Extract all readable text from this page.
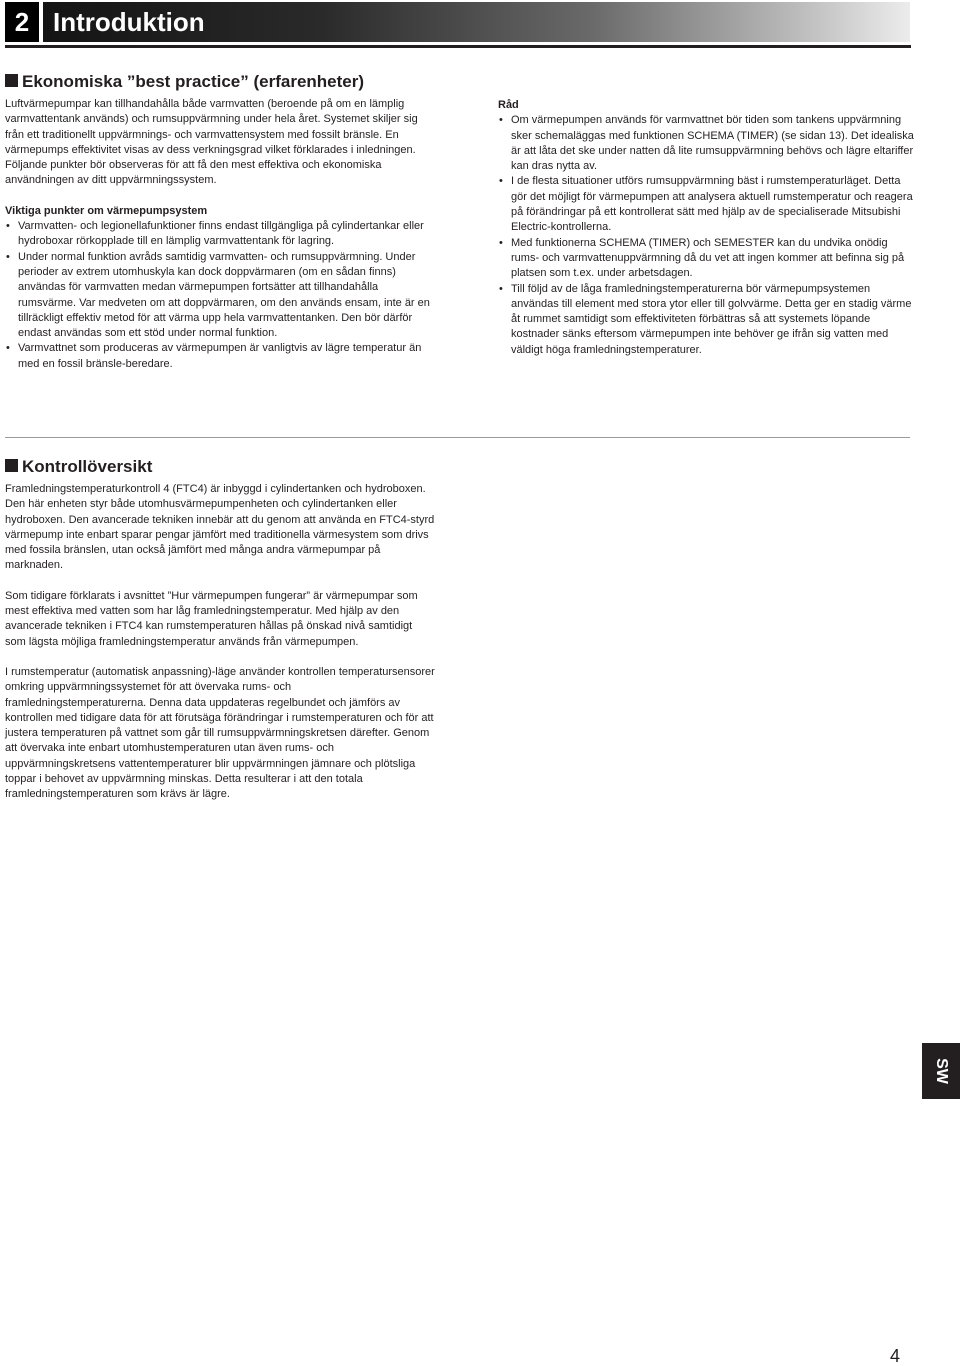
2 Introduktion
Ekonomiska ”best practice” (erfarenheter)

Luftvärmepumpar kan tillhandahålla både varmvatten (beroende på om en lämplig varmvattentank används) och rumsuppvärmning under hela året. Systemet skiljer sig från ett traditionellt uppvärmnings- och varmvattensystem med fossilt bränsle. En värmepumps effektivitet visas av dess verkningsgrad vilket förklarades i inledningen. Följande punkter bör observeras för att få den mest effektiva och ekonomiska användningen av ditt uppvärmningssystem.

Viktiga punkter om värmepumpsystem

• Varmvatten- och legionellafunktioner finns endast tillgängliga på cylindertankar eller hydroboxar rörkopplade till en lämplig varmvattentank för lagring.
• Under normal funktion avråds samtidig varmvatten- och rumsuppvärmning. Under perioder av extrem utomhuskyla kan dock doppvärmaren (om en sådan finns) användas för varmvatten medan värmepumpen fortsätter att tillhandahålla rumsvärme. Var medveten om att doppvärmaren, om den används ensam, inte är en tillräckligt effektiv metod för att värma upp hela varmvattentanken. Den bör därför endast användas som ett stöd under normal funktion.
• Varmvattnet som produceras av värmepumpen är vanligtvis av lägre temperatur än med en fossil bränsle-beredare.

Råd

• Om värmepumpen används för varmvattnet bör tiden som tankens uppvärmning sker schemaläggas med funktionen SCHEMA (TIMER) (se sidan 13). Det idealiska är att låta det ske under natten då lite rumsuppvärmning behövs och lägre eltariffer kan dras nytta av.
• I de flesta situationer utförs rumsuppvärmning bäst i rumstemperaturläget. Detta gör det möjligt för värmepumpen att analysera aktuell rumstemperatur och reagera på förändringar på ett kontrollerat sätt med hjälp av de specialiserade Mitsubishi Electric-kontrollerna.
• Med funktionerna SCHEMA (TIMER) och SEMESTER kan du undvika onödig rums- och varmvattenuppvärmning då du vet att ingen kommer att befinna sig på platsen som t.ex. under arbetsdagen.
• Till följd av de låga framledningstemperaturerna bör värmepumpsystemen användas till element med stora ytor eller till golvvärme. Detta ger en stadig värme åt rummet samtidigt som effektiviteten förbättras så att systemets löpande kostnader sänks eftersom värmepumpen inte behöver ge ifrån sig vatten med väldigt höga framledningstemperaturer.
Kontrollöversikt

Framledningstemperaturkontroll 4 (FTC4) är inbyggd i cylindertanken och hydroboxen. Den här enheten styr både utomhusvärmepumpenheten och cylindertanken eller hydroboxen. Den avancerade tekniken innebär att du genom att använda en FTC4-styrd värmepump inte enbart sparar pengar jämfört med traditionella värmesystem som drivs med fossila bränslen, utan också jämfört med många andra värmepumpar på marknaden.

Som tidigare förklarats i avsnittet ”Hur värmepumpen fungerar” är värmepumpar som mest effektiva med vatten som har låg framledningstemperatur. Med hjälp av den avancerade tekniken i FTC4 kan rumstemperaturen hållas på önskad nivå samtidigt som lägsta möjliga framledningstemperatur används från värmepumpen.

I rumstemperatur (automatisk anpassning)-läge använder kontrollen temperatursensorer omkring uppvärmningssystemet för att övervaka rums- och framledningstemperaturerna. Denna data uppdateras regelbundet och jämförs av kontrollen med tidigare data för att förutsäga förändringar i rumstemperaturen och för att justera temperaturen på vattnet som går till rumsuppvärmningskretsen därefter. Genom att övervaka inte enbart utomhustemperaturen utan även rums- och uppvärmningskretsens vattentemperaturer blir uppvärmningen jämnare och plötsliga toppar i behovet av uppvärmning minskas. Detta resulterar i att den totala framledningstemperaturen som krävs är lägre.

SW
4
